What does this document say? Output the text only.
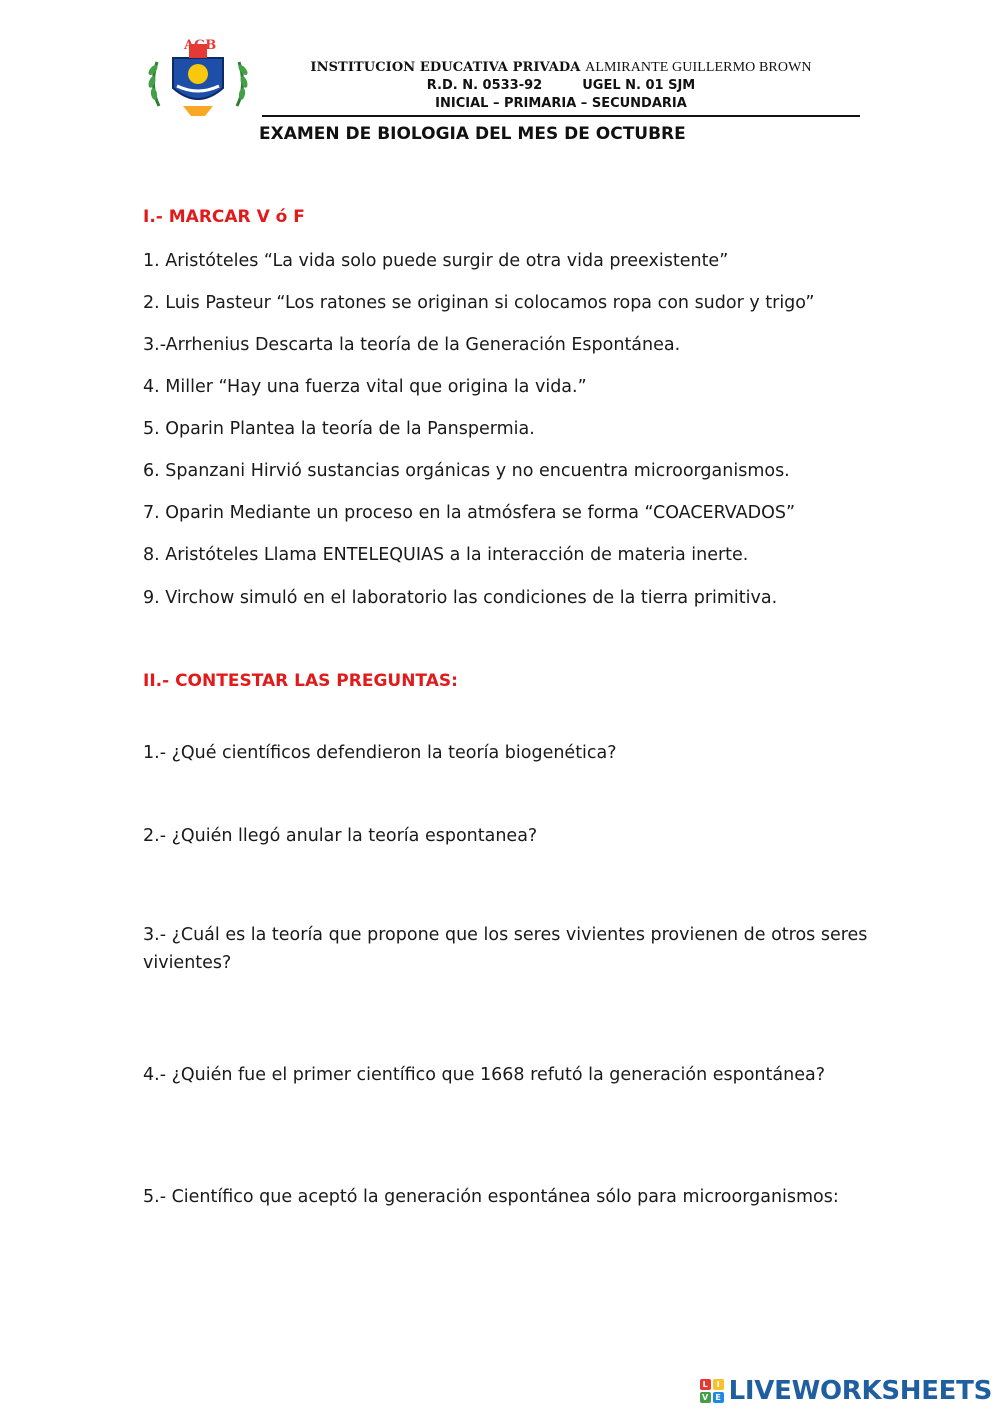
AGB
INSTITUCION EDUCATIVA PRIVADA ALMIRANTE GUILLERMO BROWN
R.D. N. 0533-92	UGEL N. 01 SJM
INICIAL – PRIMARIA – SECUNDARIA
EXAMEN DE BIOLOGIA DEL MES DE OCTUBRE
I.- MARCAR V ó F
1. Aristóteles “La vida solo puede surgir de otra vida preexistente”
2. Luis Pasteur “Los ratones se originan si colocamos ropa con sudor y trigo”
3.-Arrhenius Descarta la teoría de la Generación Espontánea.
4. Miller “Hay una fuerza vital que origina la vida.”
5. Oparin Plantea la teoría de la Panspermia.
6. Spanzani Hirvió sustancias orgánicas y no encuentra microorganismos.
7. Oparin Mediante un proceso en la atmósfera se forma “COACERVADOS”
8. Aristóteles Llama ENTELEQUIAS a la interacción de materia inerte.
9. Virchow simuló en el laboratorio las condiciones de la tierra primitiva.
II.- CONTESTAR LAS PREGUNTAS:
1.- ¿Qué científicos defendieron la teoría biogenética?
2.- ¿Quién llegó anular la teoría espontanea?
3.- ¿Cuál es la teoría que propone que los seres vivientes provienen de otros seres vivientes?
4.- ¿Quién fue el primer científico que 1668 refutó la generación espontánea?
5.- Científico que aceptó la generación espontánea sólo para microorganismos:
L	I
V E LIVEWORKSHEETS
